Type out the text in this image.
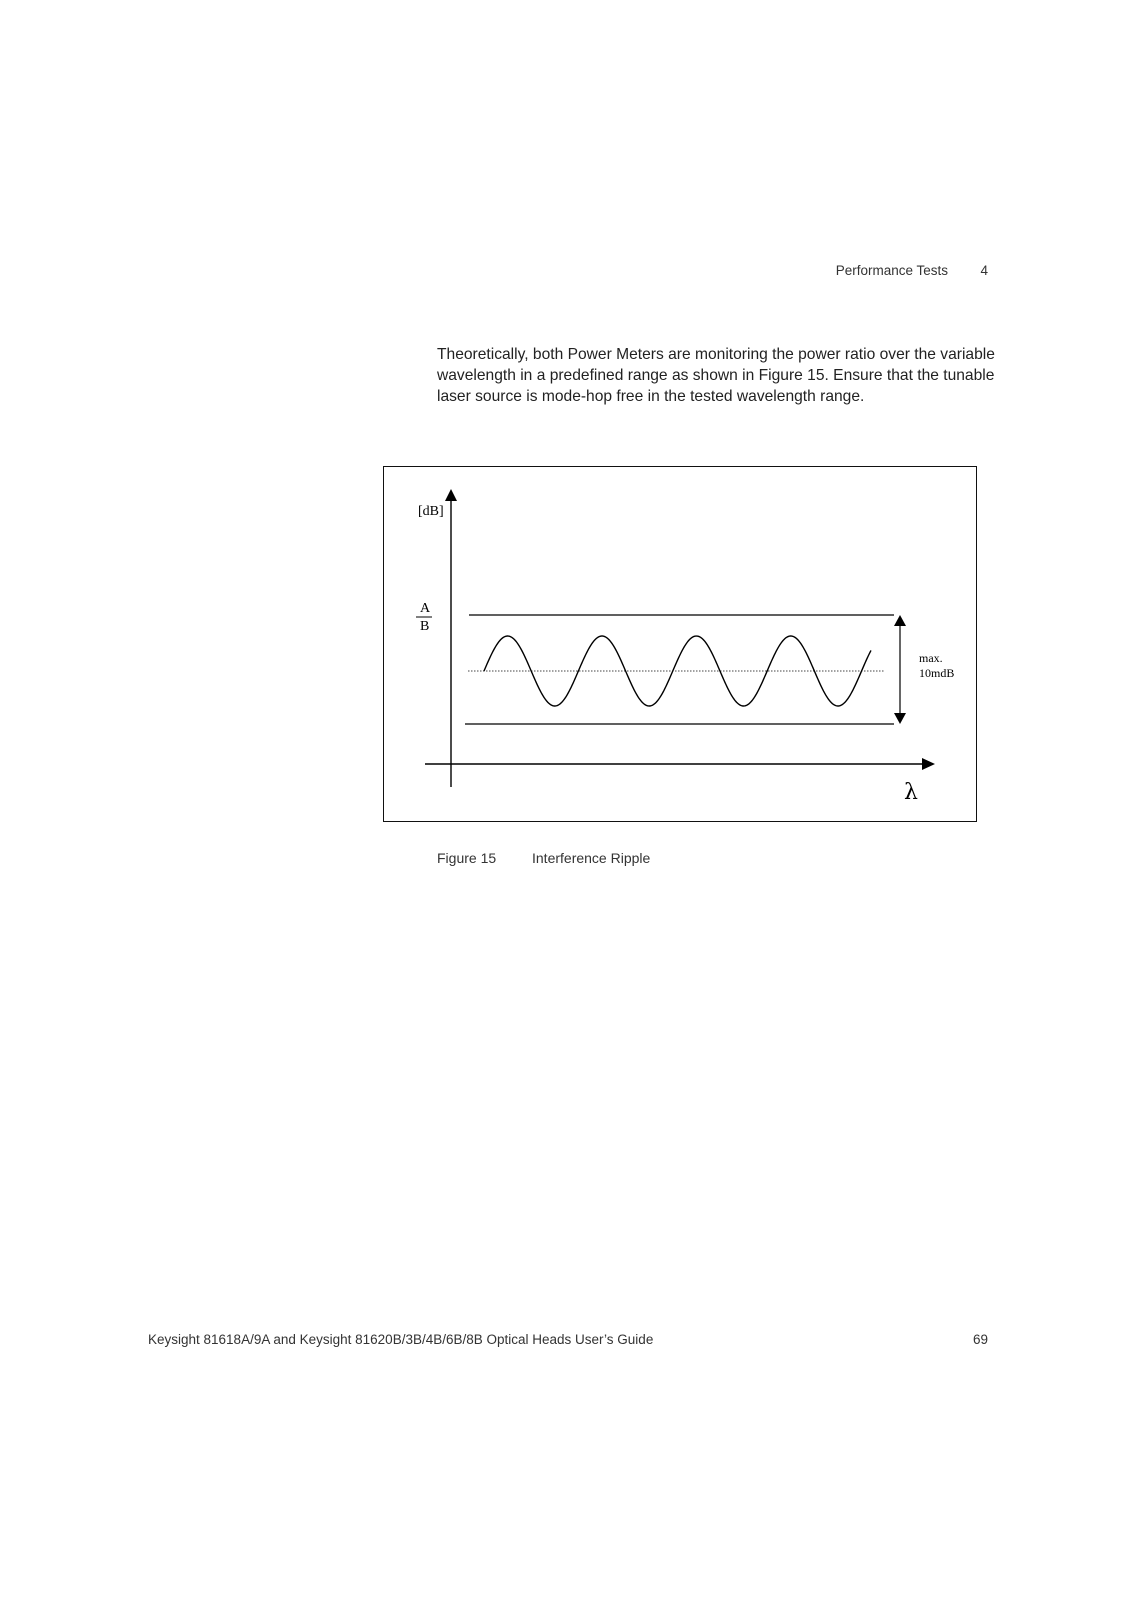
Performance Tests 4

Theoretically, both Power Meters are monitoring the power ratio over the variable wavelength in a predefined range as shown in Figure 15. Ensure that the tunable laser source is mode-hop free in the tested wavelength range.

[dB]
A
B
max.
10mdB
λ
Figure 15	Interference Ripple
Keysight 81618A/9A and Keysight 81620B/3B/4B/6B/8B Optical Heads User’s Guide	69
